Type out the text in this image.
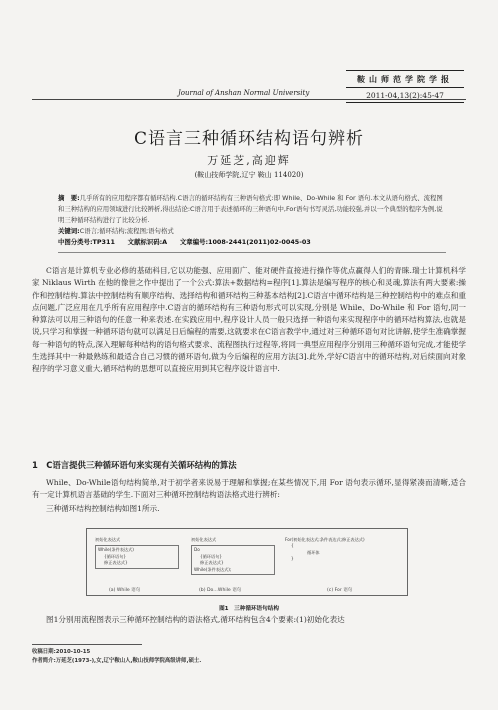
鞍山师范学院学报
2011-04,13(2):45-47
Journal of Anshan Normal University
C语言三种循环结构语句辨析
万延芝,高迎辉
(鞍山技师学院,辽宁 鞍山 114020)
摘　要:几乎所有的应用程序都有循环结构.C语言的循环结构有三种语句格式:即 While、Do-While 和 For 语句.本文从语句格式、流程图和三种结构的应用领域进行比较辨析,得出结论:C语言用于表述循环的三种语句中,For语句书写灵活,功能较强,并以一个典型的程序为例,说明三种循环结构进行了比较分析.
关键词:C语言;循环结构;流程图;语句格式
中图分类号:TP311　　文献标识码:A　　文章编号:1008-2441(2011)02-0045-03
C语言是计算机专业必修的基础科目,它以功能强、应用面广、能对硬件直接进行操作等优点赢得人们的青睐.瑞士计算机科学家 Niklaus Wirth 在他的像世之作中提出了一个公式:算法+数据结构=程序[1].算法是编写程序的核心和灵魂,算法有两大要素:操作和控制结构.算法中控制结构有顺序结构、选择结构和循环结构三种基本结构[2].C语言中循环结构是三种控制结构中的难点和重点问题,广泛应用在几乎所有应用程序中.C语言的循环结构有三种语句形式可以实现,分别是 While、Do-While 和 For 语句,同一种算法可以用三种语句的任意一种来表述.在实践应用中,程序设计人员一般只选择一种语句来实现程序中的循环结构算法,也就是说,只学习和掌握一种循环语句就可以满足日后编程的需要,这就要求在C语言教学中,通过对三种循环语句对比讲解,使学生准确掌握每一种语句的特点,深入理解每种结构的语句格式要求、流程图执行过程等,将同一典型应用程序分别用三种循环语句完成,才能使学生选择其中一种最熟练和最适合自己习惯的循环语句,做为今后编程的应用方法[3].此外,学好C语言中的循环结构,对后续面向对象程序的学习意义重大,循环结构的思想可以直接应用到其它程序设计语言中.
1　C语言提供三种循环语句来实现有关循环结构的算法
While、Do-While语句结构简单,对于初学者来说易于理解和掌握;在某些情况下,用 For 语句表示循环,显得紧凑而清晰,适合有一定计算机语言基础的学生.下面对三种循环控制结构语法格式进行辨析:
三种循环结构控制结构如图1所示.
初始化表达式
While(条件表达式)
{循环语句}
修正表达式}
初始化表达式
Do
{循环语句}
修正表达式}
While(条件表达式);
For(初始化表达式;条件表达式;修正表达式)
{
循环体
}
(a) While 语句	(b) Do…While 语句	(c) For 语句
图1　三种循环语句结构
图1分别用流程图表示三种循环控制结构的语法格式,循环结构包含4个要素:(1)初始化表达
收稿日期:2010-10-15
作者简介:万延芝(1973-),女,辽宁鞍山人,鞍山技师学院高级讲师,硕士.
